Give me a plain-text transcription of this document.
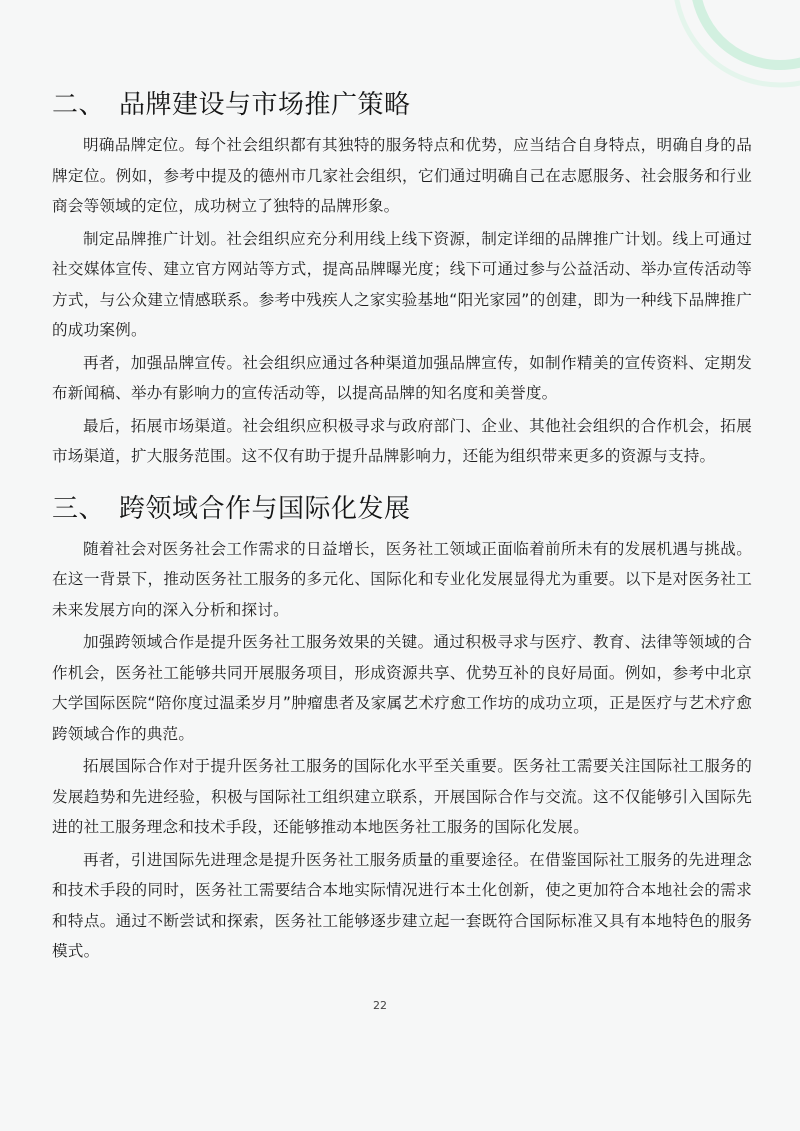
二、 品牌建设与市场推广策略

明确品牌定位。每个社会组织都有其独特的服务特点和优势，应当结合自身特点，明确自身的品牌定位。例如，参考中提及的德州市几家社会组织，它们通过明确自己在志愿服务、社会服务和行业商会等领域的定位，成功树立了独特的品牌形象。

制定品牌推广计划。社会组织应充分利用线上线下资源，制定详细的品牌推广计划。线上可通过社交媒体宣传、建立官方网站等方式，提高品牌曝光度；线下可通过参与公益活动、举办宣传活动等方式，与公众建立情感联系。参考中残疾人之家实验基地“阳光家园”的创建，即为一种线下品牌推广的成功案例。

再者，加强品牌宣传。社会组织应通过各种渠道加强品牌宣传，如制作精美的宣传资料、定期发布新闻稿、举办有影响力的宣传活动等，以提高品牌的知名度和美誉度。

最后，拓展市场渠道。社会组织应积极寻求与政府部门、企业、其他社会组织的合作机会，拓展市场渠道，扩大服务范围。这不仅有助于提升品牌影响力，还能为组织带来更多的资源与支持。

三、 跨领域合作与国际化发展

随着社会对医务社会工作需求的日益增长，医务社工领域正面临着前所未有的发展机遇与挑战。在这一背景下，推动医务社工服务的多元化、国际化和专业化发展显得尤为重要。以下是对医务社工未来发展方向的深入分析和探讨。

加强跨领域合作是提升医务社工服务效果的关键。通过积极寻求与医疗、教育、法律等领域的合作机会，医务社工能够共同开展服务项目，形成资源共享、优势互补的良好局面。例如，参考中北京大学国际医院“陪你度过温柔岁月”肿瘤患者及家属艺术疗愈工作坊的成功立项，正是医疗与艺术疗愈跨领域合作的典范。

拓展国际合作对于提升医务社工服务的国际化水平至关重要。医务社工需要关注国际社工服务的发展趋势和先进经验，积极与国际社工组织建立联系，开展国际合作与交流。这不仅能够引入国际先进的社工服务理念和技术手段，还能够推动本地医务社工服务的国际化发展。

再者，引进国际先进理念是提升医务社工服务质量的重要途径。在借鉴国际社工服务的先进理念和技术手段的同时，医务社工需要结合本地实际情况进行本土化创新，使之更加符合本地社会的需求和特点。通过不断尝试和探索，医务社工能够逐步建立起一套既符合国际标准又具有本地特色的服务模式。

22
